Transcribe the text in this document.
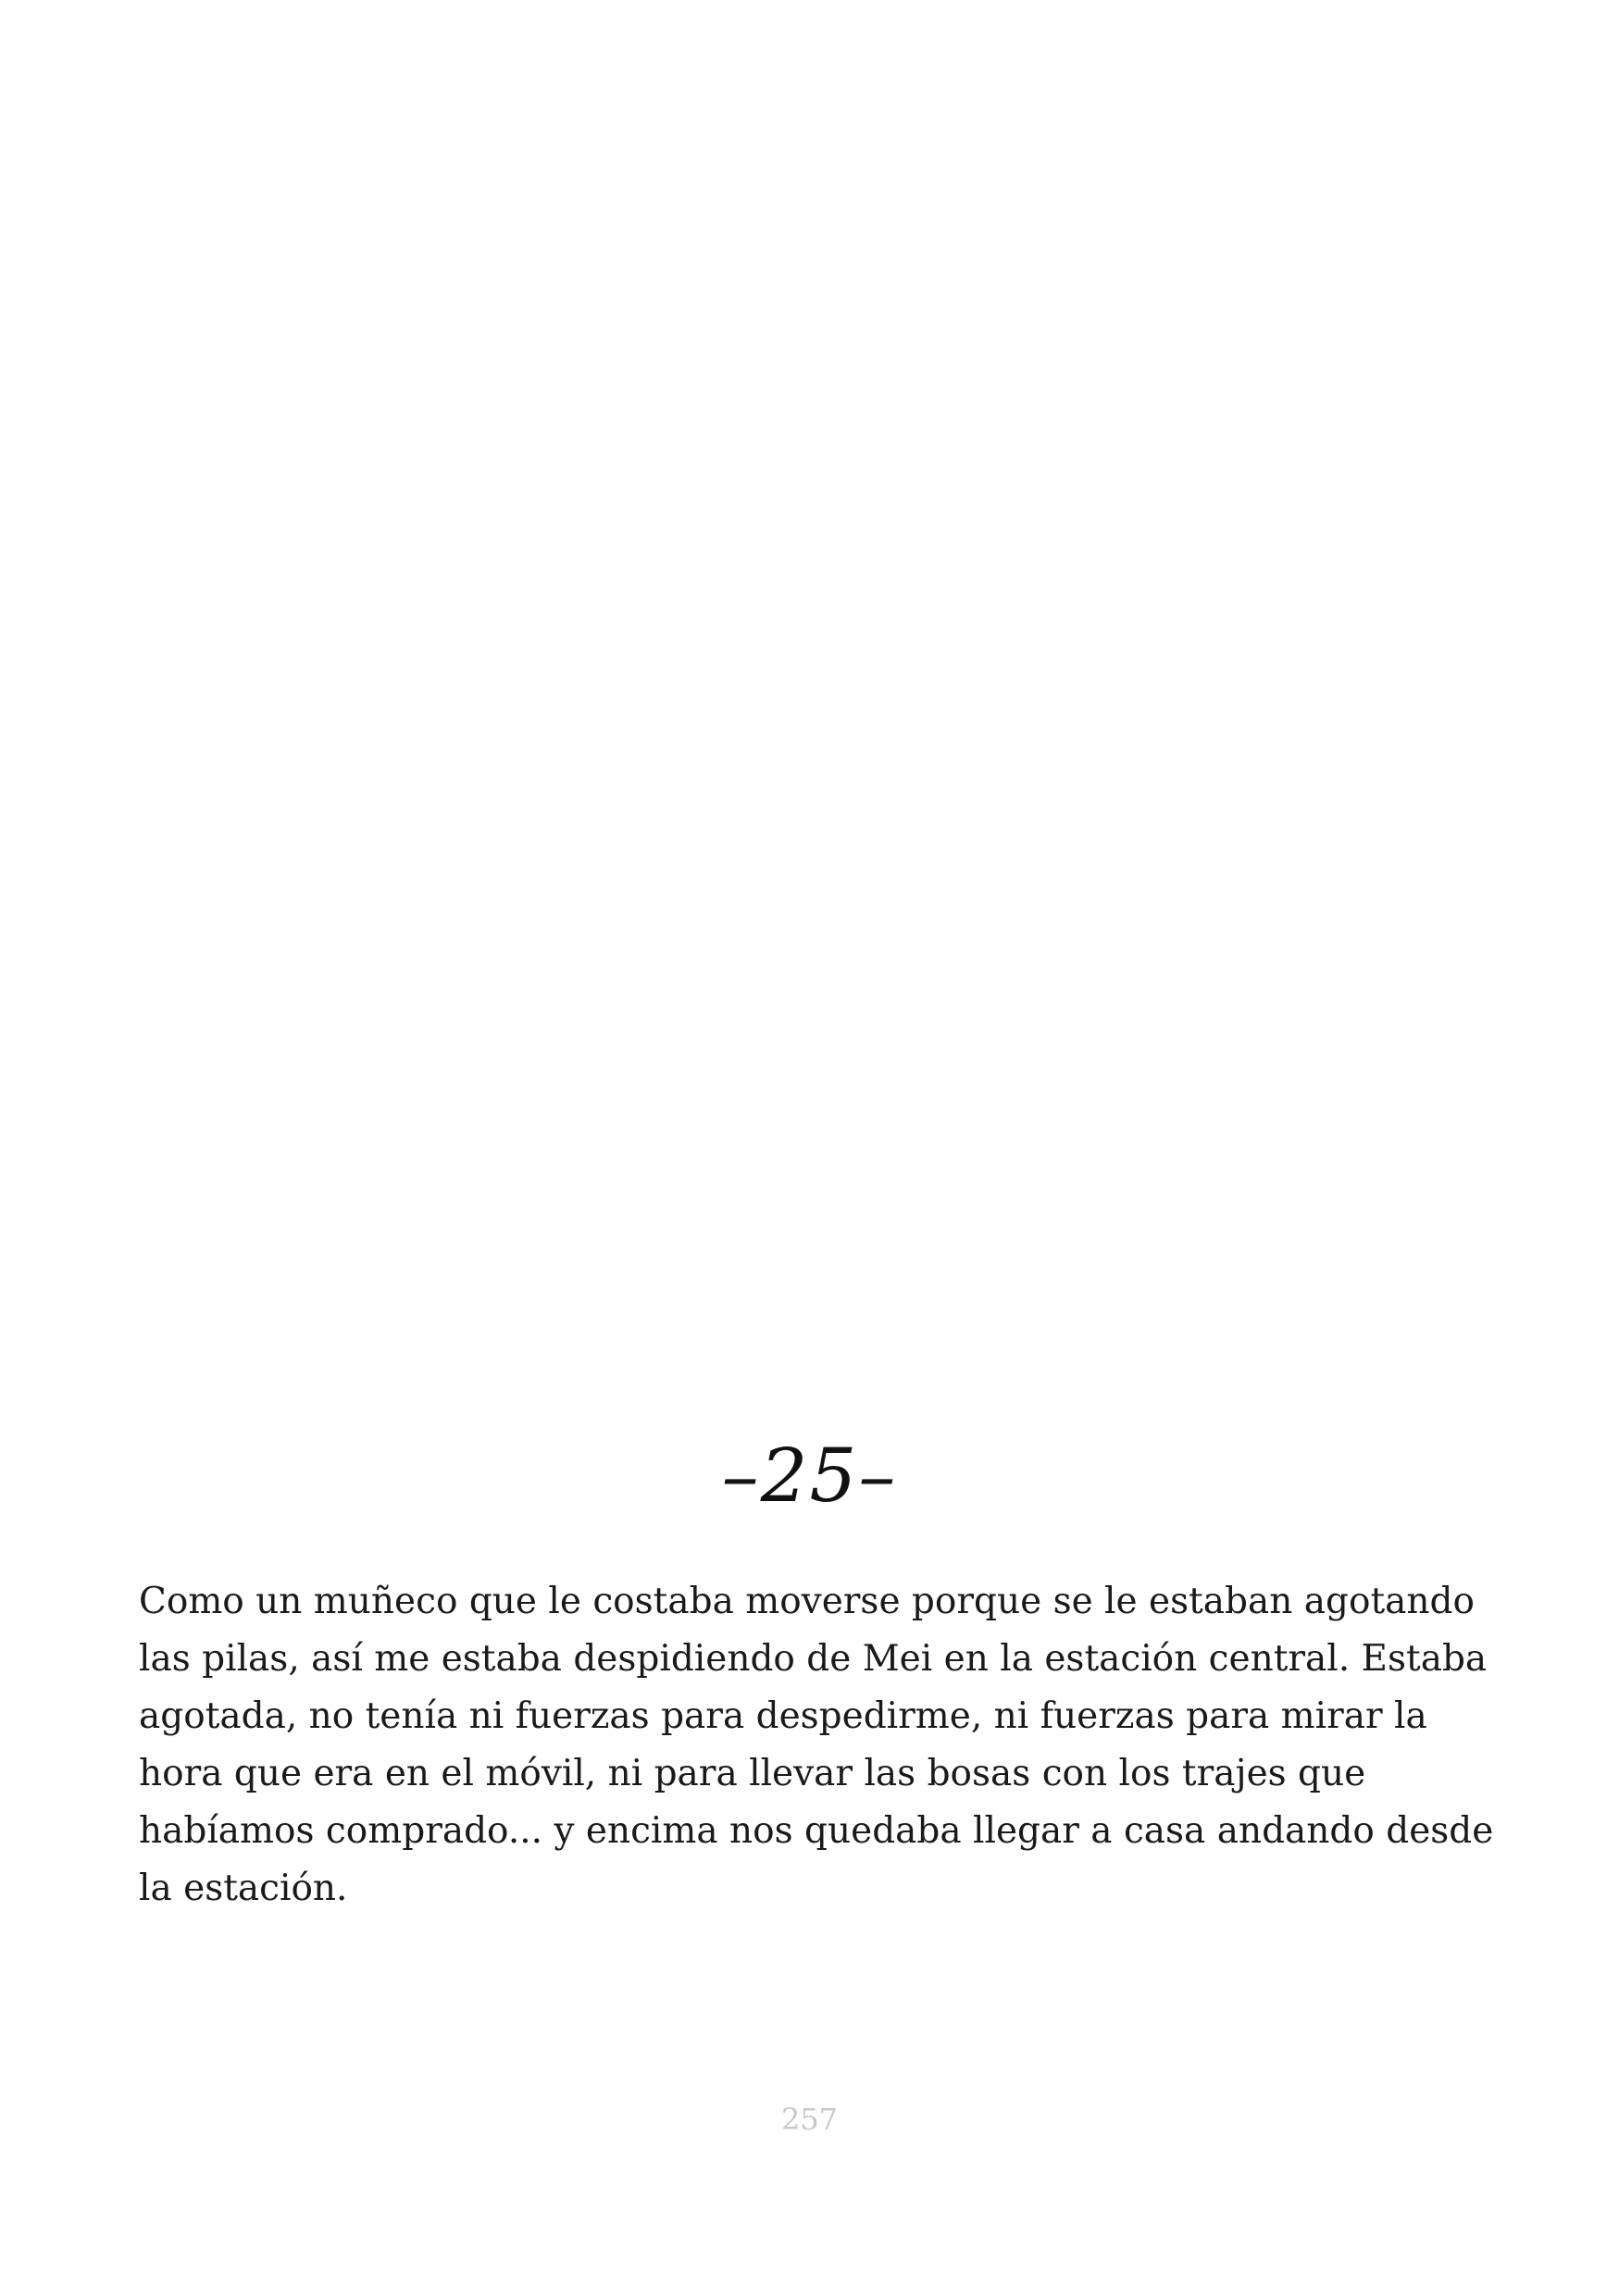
–25–

Como un muñeco que le costaba moverse porque se le estaban agotando
las pilas, así me estaba despidiendo de Mei en la estación central. Estaba
agotada, no tenía ni fuerzas para despedirme, ni fuerzas para mirar la
hora que era en el móvil, ni para llevar las bosas con los trajes que
habíamos comprado... y encima nos quedaba llegar a casa andando desde
la estación.

257
